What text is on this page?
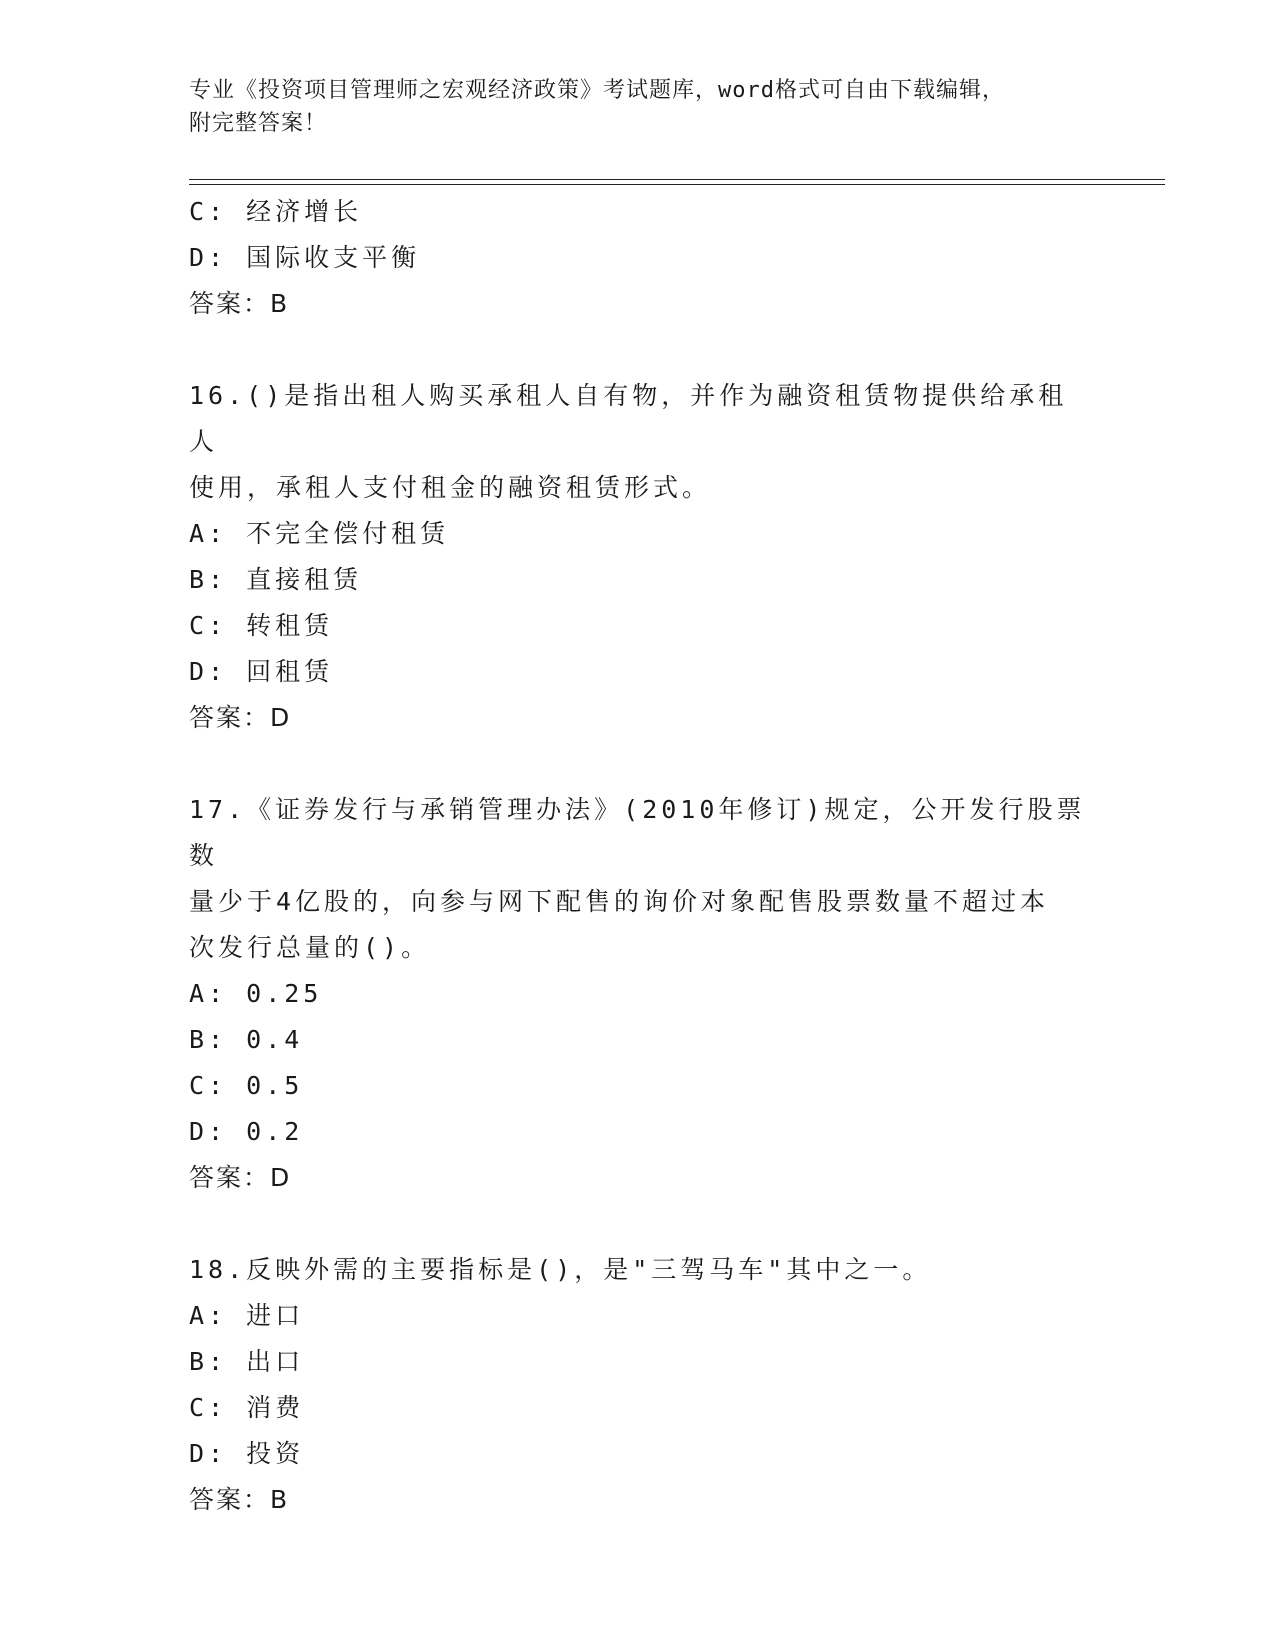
专业《投资项目管理师之宏观经济政策》考试题库，word格式可自由下载编辑，
附完整答案！
C: 经济增长
D: 国际收支平衡
答案：B
16.()是指出租人购买承租人自有物，并作为融资租赁物提供给承租人
使用，承租人支付租金的融资租赁形式。
A: 不完全偿付租赁
B: 直接租赁
C: 转租赁
D: 回租赁
答案：D
17.《证券发行与承销管理办法》(2010年修订)规定，公开发行股票数
量少于4亿股的，向参与网下配售的询价对象配售股票数量不超过本
次发行总量的()。
A: 0.25
B: 0.4
C: 0.5
D: 0.2
答案：D
18.反映外需的主要指标是()，是"三驾马车"其中之一。
A: 进口
B: 出口
C: 消费
D: 投资
答案：B
